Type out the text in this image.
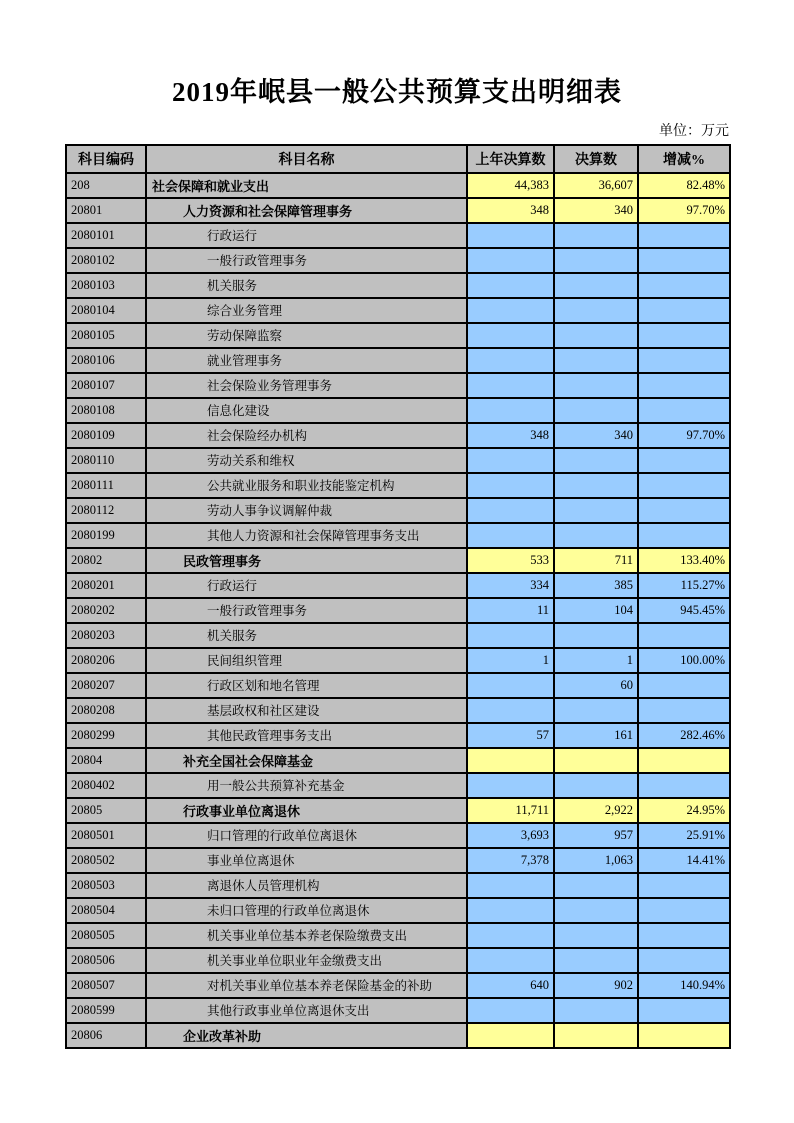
2019年岷县一般公共预算支出明细表
单位：万元
科目编码	科目名称	上年决算数	决算数	增减%
208	社会保障和就业支出	44,383	36,607	82.48%
20801	人力资源和社会保障管理事务	348	340	97.70%
2080101	行政运行			
2080102	一般行政管理事务			
2080103	机关服务			
2080104	综合业务管理			
2080105	劳动保障监察			
2080106	就业管理事务			
2080107	社会保险业务管理事务			
2080108	信息化建设			
2080109	社会保险经办机构	348	340	97.70%
2080110	劳动关系和维权			
2080111	公共就业服务和职业技能鉴定机构			
2080112	劳动人事争议调解仲裁			
2080199	其他人力资源和社会保障管理事务支出			
20802	民政管理事务	533	711	133.40%
2080201	行政运行	334	385	115.27%
2080202	一般行政管理事务	11	104	945.45%
2080203	机关服务			
2080206	民间组织管理	1	1	100.00%
2080207	行政区划和地名管理		60	
2080208	基层政权和社区建设			
2080299	其他民政管理事务支出	57	161	282.46%
20804	补充全国社会保障基金			
2080402	用一般公共预算补充基金			
20805	行政事业单位离退休	11,711	2,922	24.95%
2080501	归口管理的行政单位离退休	3,693	957	25.91%
2080502	事业单位离退休	7,378	1,063	14.41%
2080503	离退休人员管理机构			
2080504	未归口管理的行政单位离退休			
2080505	机关事业单位基本养老保险缴费支出			
2080506	机关事业单位职业年金缴费支出			
2080507	对机关事业单位基本养老保险基金的补助	640	902	140.94%
2080599	其他行政事业单位离退休支出			
20806	企业改革补助			
